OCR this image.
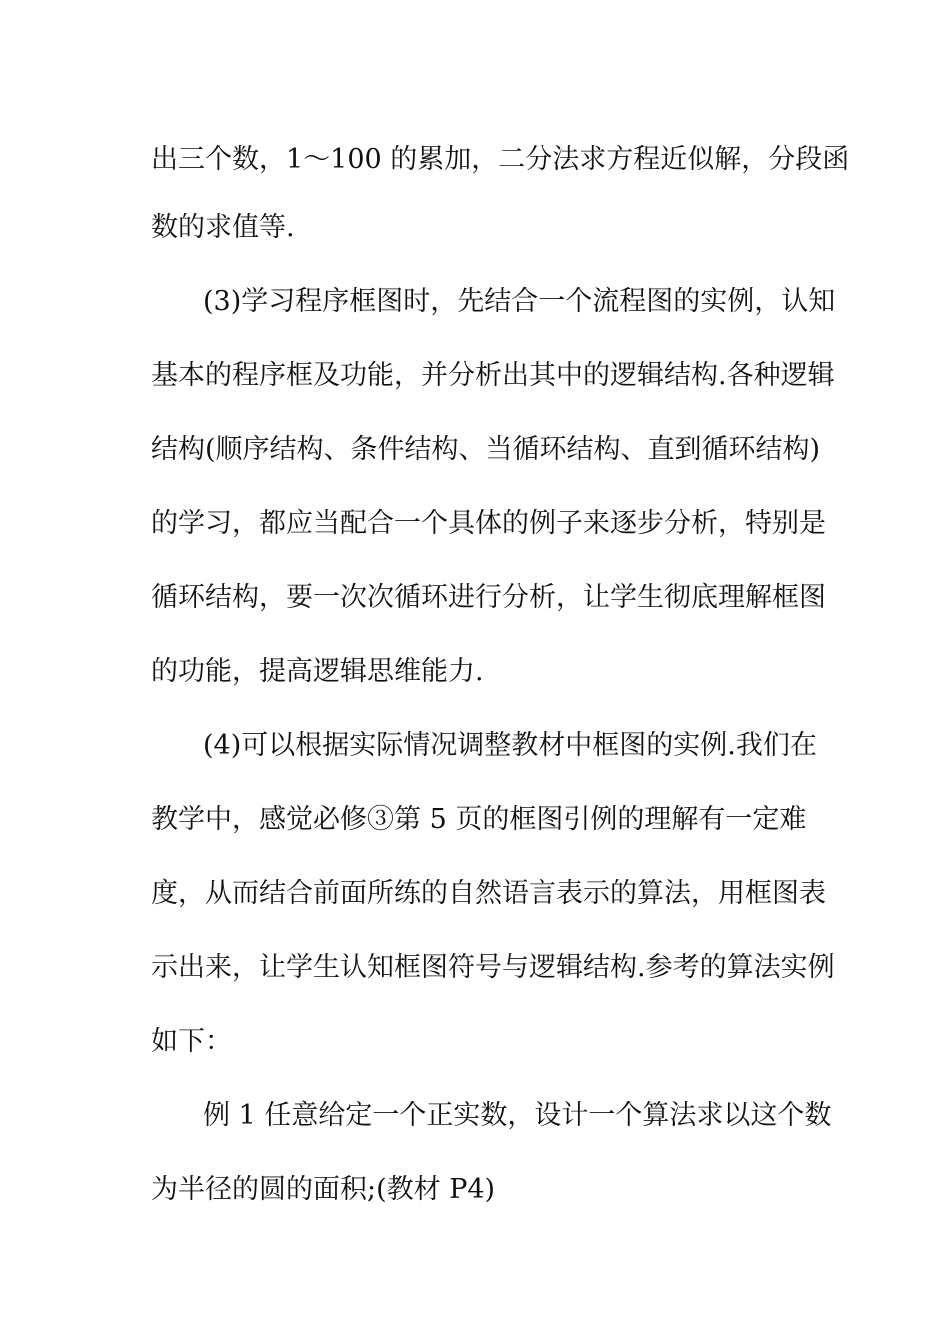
出三个数，1～100 的累加，二分法求方程近似解，分段函
数的求值等.
(3)学习程序框图时，先结合一个流程图的实例，认知
基本的程序框及功能，并分析出其中的逻辑结构.各种逻辑
结构(顺序结构、条件结构、当循环结构、直到循环结构)
的学习，都应当配合一个具体的例子来逐步分析，特别是
循环结构，要一次次循环进行分析，让学生彻底理解框图
的功能，提高逻辑思维能力.
(4)可以根据实际情况调整教材中框图的实例.我们在
教学中，感觉必修③第 5 页的框图引例的理解有一定难
度，从而结合前面所练的自然语言表示的算法，用框图表
示出来，让学生认知框图符号与逻辑结构.参考的算法实例
如下：
例 1 任意给定一个正实数，设计一个算法求以这个数
为半径的圆的面积;(教材 P4)
